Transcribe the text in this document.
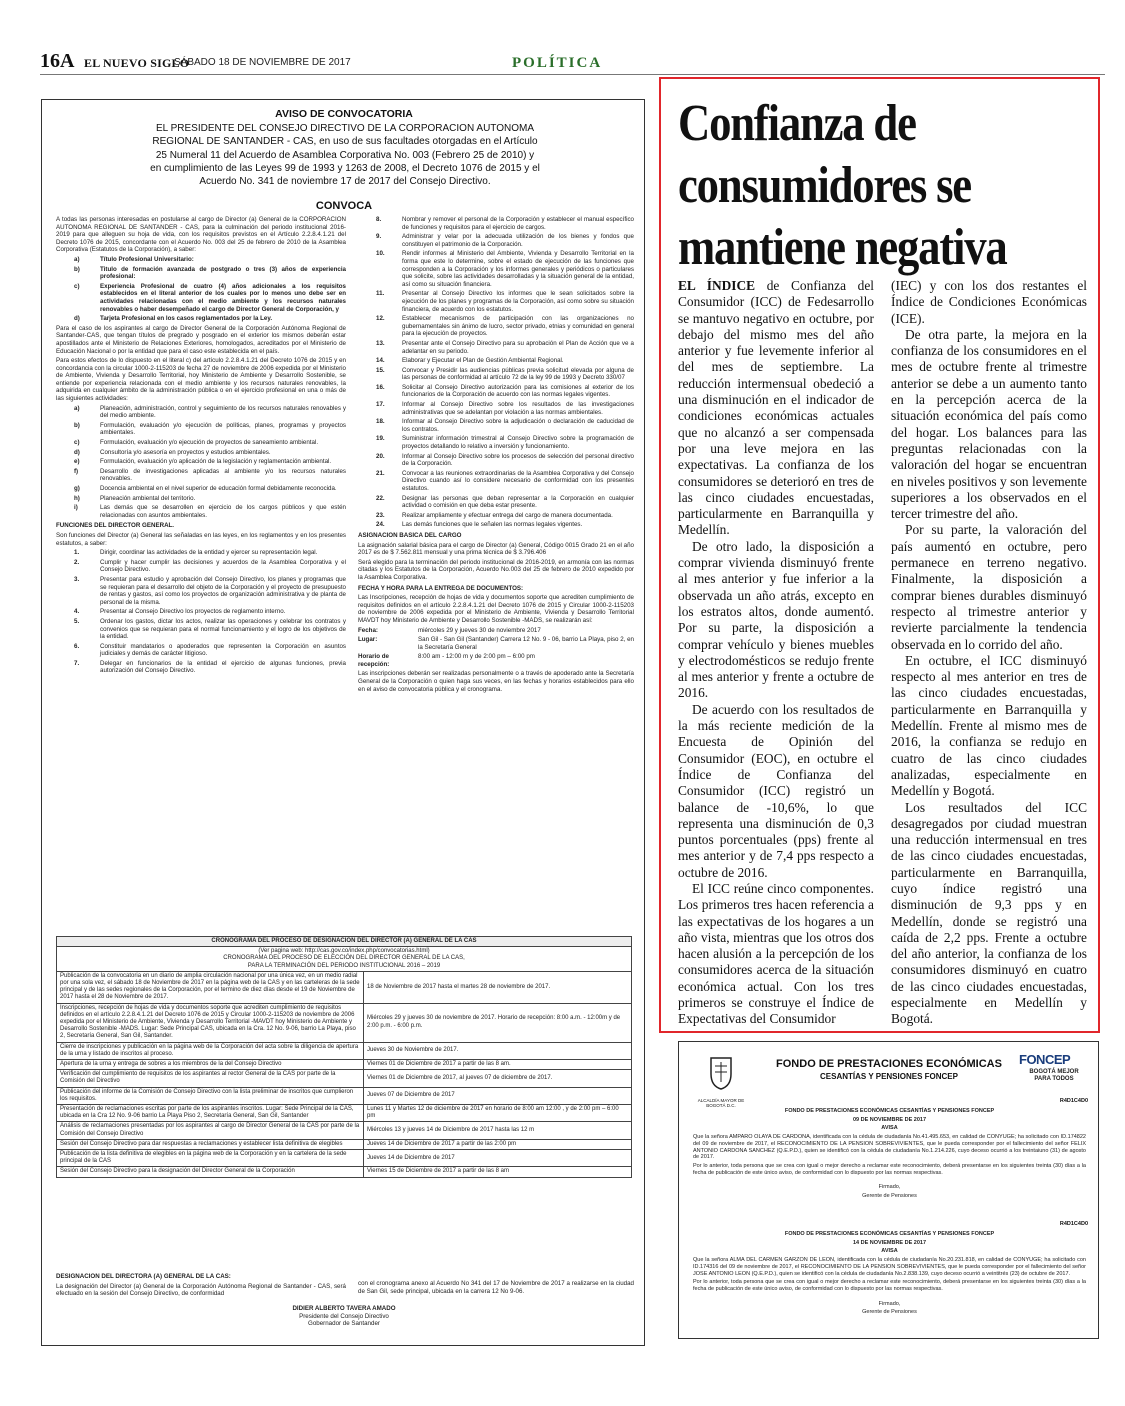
16A EL NUEVO SIGLO
SÁBADO 18 DE NOVIEMBRE DE 2017	POLÍTICA
AVISO DE CONVOCATORIA
EL PRESIDENTE DEL CONSEJO DIRECTIVO DE LA CORPORACION AUTONOMA REGIONAL DE SANTANDER - CAS, en uso de sus facultades otorgadas en el Artículo 25 Numeral 11 del Acuerdo de Asamblea Corporativa No. 003 (Febrero 25 de 2010) y en cumplimiento de las Leyes 99 de 1993 y 1263 de 2008, el Decreto 1076 de 2015 y el Acuerdo No. 341 de noviembre 17 de 2017 del Consejo Directivo.
CONVOCA

A todas las personas interesadas en postularse al cargo de Director (a) General de la CORPORACION AUTONOMA REGIONAL DE SANTANDER - CAS, para la culminación del periodo institucional 2016-2019 para que alleguen su hoja de vida, con los requisitos previstos en el Artículo 2.2.8.4.1.21 del Decreto 1076 de 2015, concordante con el Acuerdo No. 003 del 25 de febrero de 2010 de la Asamblea Corporativa (Estatutos de la Corporación), a saber:

a)	Título Profesional Universitario:
b)	Titulo de formación avanzada de postgrado o tres (3) años de experiencia profesional:
c)	Experiencia Profesional de cuatro (4) años adicionales a los requisitos establecidos en el literal anterior de los cuales por lo menos uno debe ser en actividades relacionadas con el medio ambiente y los recursos naturales renovables o haber desempeñado el cargo de Director General de Corporación, y
d)	Tarjeta Profesional en los casos reglamentados por la Ley.

Para el caso de los aspirantes al cargo de Director General de la Corporación Autónoma Regional de Santander-CAS, que tengan títulos de pregrado y posgrado en el exterior los mismos deberán estar apostillados ante el Ministerio de Relaciones Exteriores, homologados, acreditados por el Ministerio de Educación Nacional o por la entidad que para el caso este establecida en el país.

Para estos efectos de lo dispuesto en el literal c) del artículo 2.2.8.4.1.21 del Decreto 1076 de 2015 y en concordancia con la circular 1000-2-115203 de fecha 27 de noviembre de 2006 expedida por el Ministerio de Ambiente, Vivienda y Desarrollo Territorial, hoy Ministerio de Ambiente y Desarrollo Sostenible, se entiende por experiencia relacionada con el medio ambiente y los recursos naturales renovables, la adquirida en cualquier ámbito de la administración pública o en el ejercicio profesional en una o más de las siguientes actividades:

a)	Planeación, administración, control y seguimiento de los recursos naturales renovables y del medio ambiente.
b)	Formulación, evaluación y/o ejecución de políticas, planes, programas y proyectos ambientales.
c)	Formulación, evaluación y/o ejecución de proyectos de saneamiento ambiental.
d)	Consultoría y/o asesoría en proyectos y estudios ambientales.
e)	Formulación, evaluación y/o aplicación de la legislación y reglamentación ambiental.
f)	Desarrollo de investigaciones aplicadas al ambiente y/o los recursos naturales renovables.
g)	Docencia ambiental en el nivel superior de educación formal debidamente reconocida.
h)	Planeación ambiental del territorio.
i)	Las demás que se desarrollen en ejercicio de los cargos públicos y que estén relacionadas con asuntos ambientales.

FUNCIONES DEL DIRECTOR GENERAL.

Son funciones del Director (a) General las señaladas en las leyes, en los reglamentos y en los presentes estatutos, a saber:

1.	Dirigir, coordinar las actividades de la entidad y ejercer su representación legal.
2.	Cumplir y hacer cumplir las decisiones y acuerdos de la Asamblea Corporativa y el Consejo Directivo.
3.	Presentar para estudio y aprobación del Consejo Directivo, los planes y programas que se requieran para el desarrollo del objeto de la Corporación y el proyecto de presupuesto de rentas y gastos, así como los proyectos de organización administrativa y de planta de personal de la misma.
4.	Presentar al Consejo Directivo los proyectos de reglamento interno.
5.	Ordenar los gastos, dictar los actos, realizar las operaciones y celebrar los contratos y convenios que se requieran para el normal funcionamiento y el logro de los objetivos de la entidad.
6.	Constituir mandatarios o apoderados que representen la Corporación en asuntos judiciales y demás de carácter litigioso.
7.	Delegar en funcionarios de la entidad el ejercicio de algunas funciones, previa autorización del Consejo Directivo.
8.	Nombrar y remover el personal de la Corporación y establecer el manual específico de funciones y requisitos para el ejercicio de cargos.
9.	Administrar y velar por la adecuada utilización de los bienes y fondos que constituyen el patrimonio de la Corporación.
10.	Rendir informes al Ministerio del Ambiente, Vivienda y Desarrollo Territorial en la forma que este lo determine, sobre el estado de ejecución de las funciones que corresponden a la Corporación y los informes generales y periódicos o particulares que solicite, sobre las actividades desarrolladas y la situación general de la entidad, así como su situación financiera.
11.	Presentar al Consejo Directivo los informes que le sean solicitados sobre la ejecución de los planes y programas de la Corporación, así como sobre su situación financiera, de acuerdo con los estatutos.
12.	Establecer mecanismos de participación con las organizaciones no gubernamentales sin ánimo de lucro, sector privado, etnias y comunidad en general para la ejecución de proyectos.
13.	Presentar ante el Consejo Directivo para su aprobación el Plan de Acción que ve a adelantar en su periodo.
14.	Elaborar y Ejecutar el Plan de Gestión Ambiental Regional.
15.	Convocar y Presidir las audiencias públicas previa solicitud elevada por alguna de las personas de conformidad al artículo 72 de la ley 99 de 1993 y Decreto 330/07
16.	Solicitar al Consejo Directivo autorización para las comisiones al exterior de los funcionarios de la Corporación de acuerdo con las normas legales vigentes.
17.	Informar al Consejo Directivo sobre los resultados de las investigaciones administrativas que se adelantan por violación a las normas ambientales.
18.	Informar al Consejo Directivo sobre la adjudicación o declaración de caducidad de los contratos.
19.	Suministrar información trimestral al Consejo Directivo sobre la programación de proyectos detallando lo relativo a inversión y funcionamiento.
20.	Informar al Consejo Directivo sobre los procesos de selección del personal directivo de la Corporación.
21.	Convocar a las reuniones extraordinarias de la Asamblea Corporativa y del Consejo Directivo cuando así lo considere necesario de conformidad con los presentes estatutos.
22.	Designar las personas que deban representar a la Corporación en cualquier actividad o comisión en que deba estar presente.
23.	Realizar ampliamente y efectuar entrega del cargo de manera documentada.
24.	Las demás funciones que le señalen las normas legales vigentes.

ASIGNACION BASICA DEL CARGO

La asignación salarial básica para el cargo de Director (a) General, Código 0015 Grado 21 en el año 2017 es de $ 7.562.811 mensual y una prima técnica de $ 3.796.406

Será elegido para la terminación del periodo institucional de 2016-2019, en armonía con las normas citadas y los Estatutos de la Corporación, Acuerdo No.003 del 25 de febrero de 2010 expedido por la Asamblea Corporativa.

FECHA Y HORA PARA LA ENTREGA DE DOCUMENTOS:

Las Inscripciones, recepción de hojas de vida y documentos soporte que acrediten cumplimiento de requisitos definidos en el artículo 2.2.8.4.1.21 del Decreto 1076 de 2015 y Circular 1000-2-115203 de noviembre de 2006 expedida por el Ministerio de Ambiente, Vivienda y Desarrollo Territorial MAVDT hoy Ministerio de Ambiente y Desarrollo Sostenible -MADS, se realizarán así:

Fecha:	miércoles 29 y jueves 30 de noviembre 2017
Lugar:	San Gil - San Gil (Santander) Carrera 12 No. 9 - 06, barrio La Playa, piso 2, en la Secretaría General
Horario de recepción:
8:00 am - 12:00 m y de 2:00 pm – 6:00 pm

Las inscripciones deberán ser realizadas personalmente o a través de apoderado ante la Secretaría General de la Corporación o quien haga sus veces, en las fechas y horarios establecidos para ello en el aviso de convocatoria pública y el cronograma.

CRONOGRAMA DEL PROCESO DE DESIGNACION DEL DIRECTOR (A) GENERAL DE LA CAS	

(Ver pagina web: http://cas.gov.co/index.php/convocatorias.html)
CRONOGRAMA DEL PROCESO DE ELECCIÓN DEL DIRECTOR GENERAL DE LA CAS,
PARA LA TERMINACIÓN DEL PERIODO INSTITUCIONAL 2016 – 2019	

Publicación de la convocatoria en un diario de amplia circulación nacional por una única vez, en un medio radial por una sola vez, el sábado 18 de Noviembre de 2017 en la página web de la CAS y en las carteleras de la sede principal y de las sedes regionales de la Corporación, por el termino de diez días desde el 19 de Noviembre de 2017 hasta el 28 de Noviembre de 2017.	18 de Noviembre de 2017 hasta el martes 28 de noviembre de 2017.
Inscripciones, recepción de hojas de vida y documentos soporte que acrediten cumplimiento de requisitos definidos en el artículo 2.2.8.4.1.21 del Decreto 1076 de 2015 y Circular 1000-2-115203 de noviembre de 2006 expedida por el Ministerio de Ambiente, Vivienda y Desarrollo Territorial -MAVDT hoy Ministerio de Ambiente y Desarrollo Sostenible -MADS. Lugar: Sede Principal CAS, ubicada en la Cra. 12 No. 9-06, barrio La Playa, piso 2, Secretaría General, San Gil, Santander.	Miércoles 29 y jueves 30 de noviembre de 2017. Horario de recepción: 8:00 a.m. - 12:00m y de 2:00 p.m. - 6:00 p.m.
Cierre de inscripciones y publicación en la página web de la Corporación del acta sobre la diligencia de apertura de la urna y listado de inscritos al proceso.	Jueves 30 de Noviembre de 2017.
Apertura de la urna y entrega de sobres a los miembros de la del Consejo Directivo	Viernes 01 de Diciembre de 2017 a partir de las 8 am.
Verificación del cumplimiento de requisitos de los aspirantes al rector General de la CAS por parte de la Comisión del Directivo	Viernes 01 de Diciembre de 2017, al jueves 07 de diciembre de 2017.
Publicación del informe de la Comisión de Consejo Directivo con la lista preliminar de inscritos que cumplieron los requisitos.	Jueves 07 de Diciembre de 2017
Presentación de reclamaciones escritas por parte de los aspirantes inscritos. Lugar: Sede Principal de la CAS, ubicada en la Cra 12 No. 9-06 barrio La Playa Piso 2, Secretaría General, San Gil, Santander	Lunes 11 y Martes 12 de diciembre de 2017 en horario de 8:00 am 12:00 , y de 2:00 pm – 6:00 pm
Análisis de reclamaciones presentadas por los aspirantes al cargo de Director General de la CAS por parte de la Comisión del Consejo Directivo	Miércoles 13 y jueves 14 de Diciembre de 2017 hasta las 12 m
Sesión del Consejo Directivo para dar respuestas a reclamaciones y establecer lista definitiva de elegibles	Jueves 14 de Diciembre de 2017 a partir de las 2:00 pm
Publicación de la lista definitiva de elegibles en la página web de la Corporación y en la cartelera de la sede principal de la CAS	Jueves 14 de Diciembre de 2017
Sesión del Consejo Directivo para la designación del Director General de la Corporación	Viernes 15 de Diciembre de 2017 a partir de las 8 am

DESIGNACION DEL DIRECTORA (A) GENERAL DE LA CAS:

La designación del Director (a) General de la Corporación Autónoma Regional de Santander - CAS, será efectuado en la sesión del Consejo Directivo, de conformidad

con el cronograma anexo al Acuerdo No 341 del 17 de Noviembre de 2017 a realizarse en la ciudad de San Gil, sede principal, ubicada en la carrera 12 No 9-06.

DIDIER ALBERTO TAVERA AMADO
Presidente del Consejo Directivo
Gobernador de Santander
Confianza de
consumidores se
mantiene negativa

EL ÍNDICE de Confianza del Consumidor (ICC) de Fedesarrollo se mantuvo negativo en octubre, por debajo del mismo mes del año anterior y fue levemente inferior al del mes de septiembre. La reducción intermensual obedeció a una disminución en el indicador de condiciones económicas actuales que no alcanzó a ser compensada por una leve mejora en las expectativas. La confianza de los consumidores se deterioró en tres de las cinco ciudades encuestadas, particularmente en Barranquilla y Medellín.

De otro lado, la disposición a comprar vivienda disminuyó frente al mes anterior y fue inferior a la observada un año atrás, excepto en los estratos altos, donde aumentó. Por su parte, la disposición a comprar vehículo y bienes muebles y electrodomésticos se redujo frente al mes anterior y frente a octubre de 2016.

De acuerdo con los resultados de la más reciente medición de la Encuesta de Opinión del Consumidor (EOC), en octubre el Índice de Confianza del Consumidor (ICC) registró un balance de -10,6%, lo que representa una disminución de 0,3 puntos porcentuales (pps) frente al mes anterior y de 7,4 pps respecto a octubre de 2016.

El ICC reúne cinco componentes. Los primeros tres hacen referencia a las expectativas de los hogares a un año vista, mientras que los otros dos hacen alusión a la percepción de los consumidores acerca de la situación económica actual. Con los tres primeros se construye el Índice de Expectativas del Consumidor

(IEC) y con los dos restantes el Índice de Condiciones Económicas (ICE).

De otra parte, la mejora en la confianza de los consumidores en el mes de octubre frente al trimestre anterior se debe a un aumento tanto en la percepción acerca de la situación económica del país como del hogar. Los balances para las preguntas relacionadas con la valoración del hogar se encuentran en niveles positivos y son levemente superiores a los observados en el tercer trimestre del año.

Por su parte, la valoración del país aumentó en octubre, pero permanece en terreno negativo. Finalmente, la disposición a comprar bienes durables disminuyó respecto al trimestre anterior y revierte parcialmente la tendencia observada en lo corrido del año.

En octubre, el ICC disminuyó respecto al mes anterior en tres de las cinco ciudades encuestadas, particularmente en Barranquilla y Medellín. Frente al mismo mes de 2016, la confianza se redujo en cuatro de las cinco ciudades analizadas, especialmente en Medellín y Bogotá.

Los resultados del ICC desagregados por ciudad muestran una reducción intermensual en tres de las cinco ciudades encuestadas, particularmente en Barranquilla, cuyo índice registró una disminución de 9,3 pps y en Medellín, donde se registró una caída de 2,2 pps. Frente a octubre del año anterior, la confianza de los consumidores disminuyó en cuatro de las cinco ciudades encuestadas, especialmente en Medellín y Bogotá.

ALCALDÍA MAYOR DE BOGOTÁ D.C.
FONDO DE PRESTACIONES ECONÓMICAS
CESANTÍAS Y PENSIONES FONCEP
FONCEP
BOGOTÁ MEJOR PARA TODOS
R4D1C4D0

FONDO DE PRESTACIONES ECONÓMICAS CESANTÍAS Y PENSIONES FONCEP

09 DE NOVIEMBRE DE 2017

AVISA

Que la señora AMPARO OLAYA DE CARDONA, identificada con la cédula de ciudadanía No.41.495.653, en calidad de CONYUGE; ha solicitado con ID.174822 del 09 de noviembre de 2017, el RECONOCIMIENTO DE LA PENSION SOBREVIVIENTES, que le pueda corresponder por el fallecimiento del señor FELIX ANTONIO CARDONA SANCHEZ (Q.E.P.D.), quien se identificó con la cédula de ciudadanía No.1.214.226, cuyo deceso ocurrió a los treintaiuno (31) de agosto de 2017.

Por lo anterior, toda persona que se crea con igual o mejor derecho a reclamar este reconocimiento, deberá presentarse en los siguientes treinta (30) días a la fecha de publicación de este único aviso, de conformidad con lo dispuesto por las normas respectivas.

Firmado,

Gerente de Pensiones

R4D1C4D0

FONDO DE PRESTACIONES ECONÓMICAS CESANTÍAS Y PENSIONES FONCEP

14 DE NOVIEMBRE DE 2017

AVISA

Que la señora ALMA DEL CARMEN GARZON DE LEON, identificada con la cédula de ciudadanía No.20.231.818, en calidad de CONYUGE; ha solicitado con ID.174316 del 09 de noviembre de 2017, el RECONOCIMIENTO DE LA PENSION SOBREVIVIENTES, que le pueda corresponder por el fallecimiento del señor JOSE ANTONIO LEON (Q.E.P.D.), quien se identificó con la cédula de ciudadanía No.2.838.139, cuyo deceso ocurrió a veintitrés (23) de octubre de 2017.

Por lo anterior, toda persona que se crea con igual o mejor derecho a reclamar este reconocimiento, deberá presentarse en los siguientes treinta (30) días a la fecha de publicación de este único aviso, de conformidad con lo dispuesto por las normas respectivas.

Firmado,

Gerente de Pensiones
